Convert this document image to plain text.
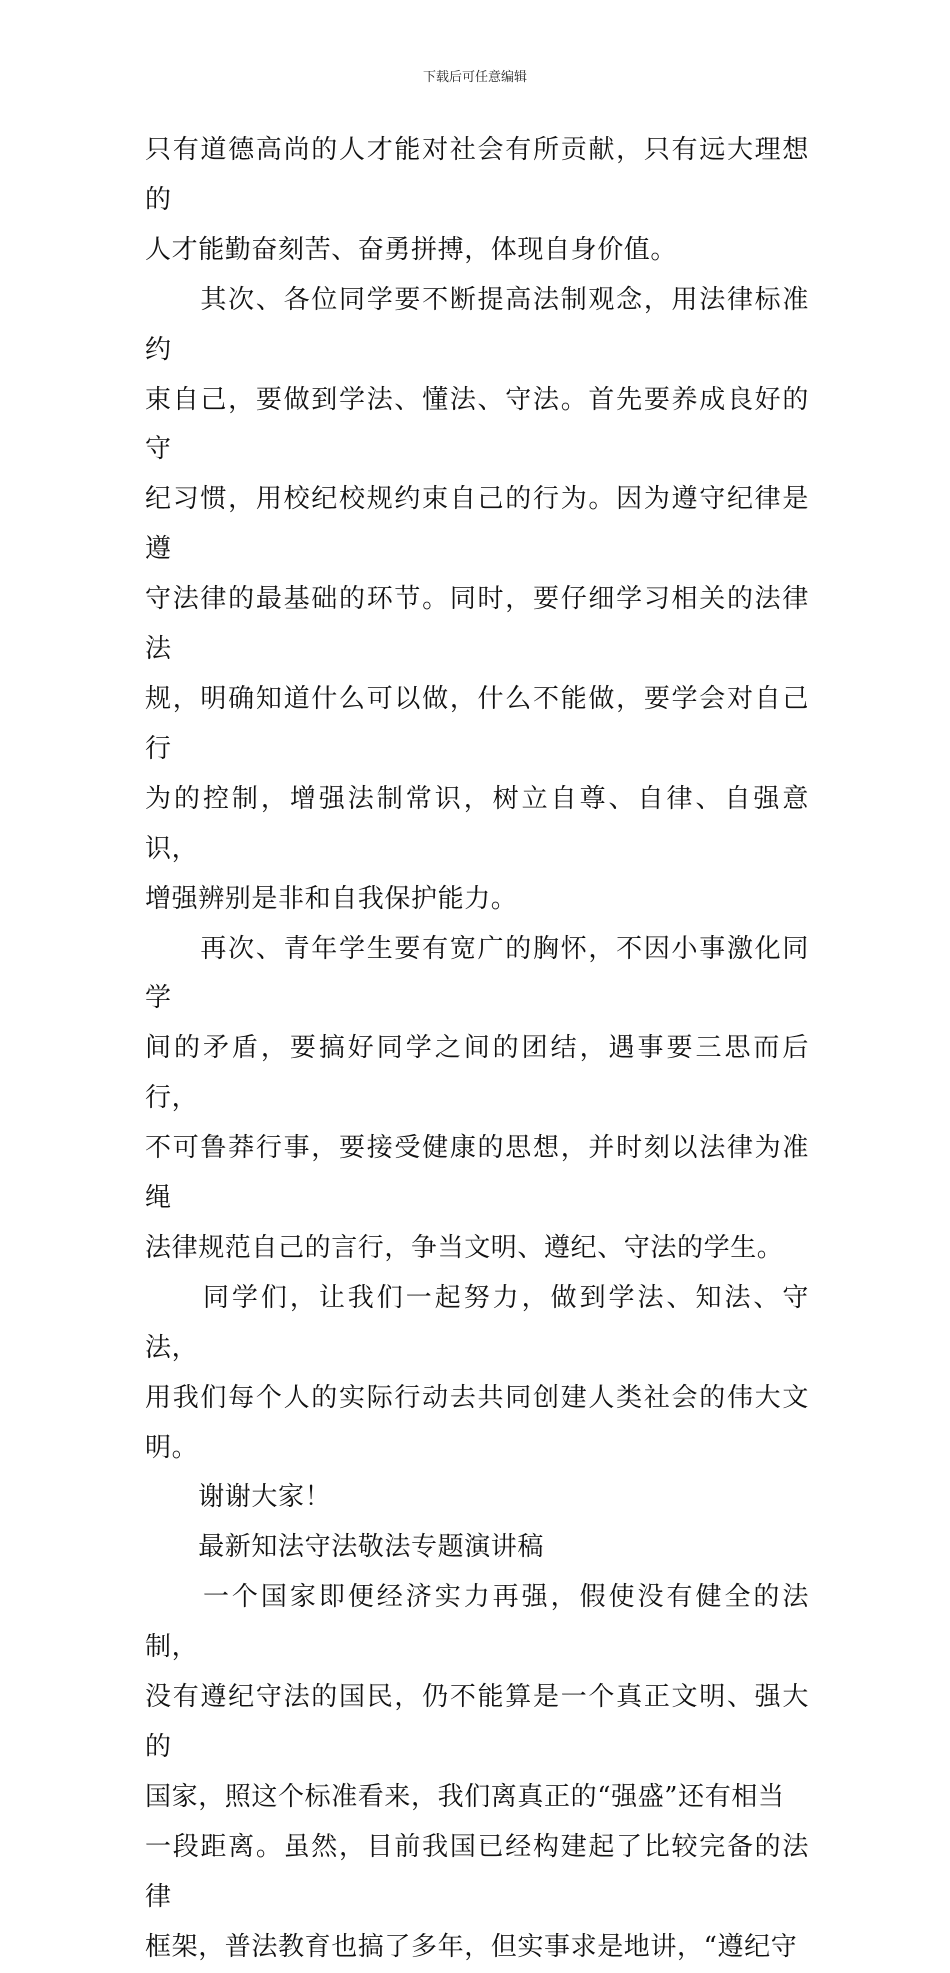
下载后可任意编辑

只有道德高尚的人才能对社会有所贡献，只有远大理想的
人才能勤奋刻苦、奋勇拼搏，体现自身价值。

　　其次、各位同学要不断提高法制观念，用法律标准约
束自己，要做到学法、懂法、守法。首先要养成良好的守
纪习惯，用校纪校规约束自己的行为。因为遵守纪律是遵
守法律的最基础的环节。同时，要仔细学习相关的法律法
规，明确知道什么可以做，什么不能做，要学会对自己行
为的控制，增强法制常识，树立自尊、自律、自强意识，
增强辨别是非和自我保护能力。

　　再次、青年学生要有宽广的胸怀，不因小事激化同学
间的矛盾，要搞好同学之间的团结，遇事要三思而后行，
不可鲁莽行事，要接受健康的思想，并时刻以法律为准绳
法律规范自己的言行，争当文明、遵纪、守法的学生。

　　同学们，让我们一起努力，做到学法、知法、守法，
用我们每个人的实际行动去共同创建人类社会的伟大文明。

　　谢谢大家！

　　最新知法守法敬法专题演讲稿

　　一个国家即便经济实力再强，假使没有健全的法制，
没有遵纪守法的国民，仍不能算是一个真正文明、强大的
国家，照这个标准看来，我们离真正的“强盛”还有相当
一段距离。虽然，目前我国已经构建起了比较完备的法律
框架，普法教育也搞了多年，但实事求是地讲，“遵纪守
